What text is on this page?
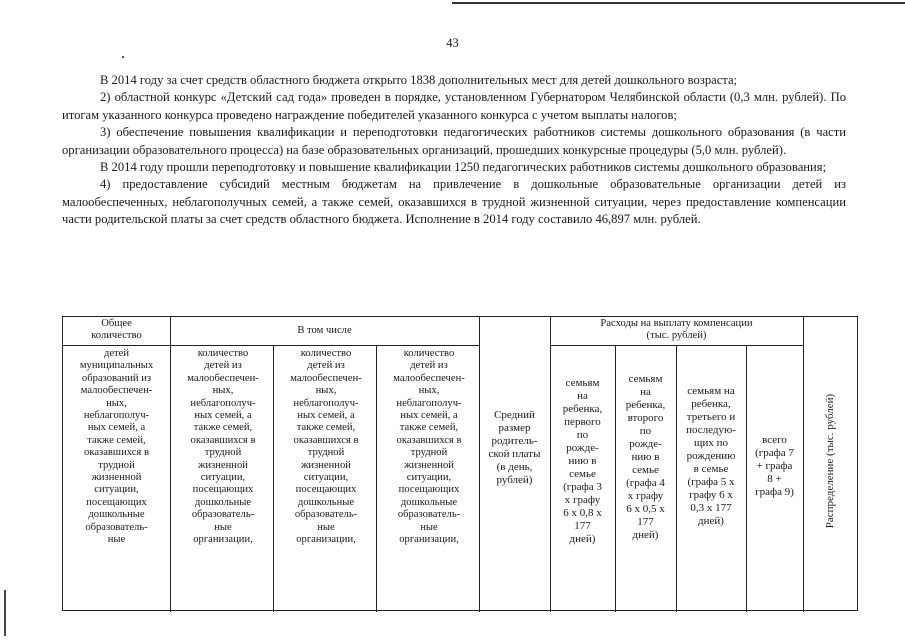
43

В 2014 году за счет средств областного бюджета открыто 1838 дополнительных мест для детей дошкольного возраста;

2) областной конкурс «Детский сад года» проведен в порядке, установленном Губернатором Челябинской области (0,3 млн. рублей). По итогам указанного конкурса проведено награждение победителей указанного конкурса с учетом выплаты налогов;

3) обеспечение повышения квалификации и переподготовки педагогических работников системы дошкольного образования (в части организации образовательного процесса) на базе образовательных организаций, прошедших конкурсные процедуры (5,0 млн. рублей).

В 2014 году прошли переподготовку и повышение квалификации 1250 педагогических работников системы дошкольного образования;

4) предоставление субсидий местным бюджетам на привлечение в дошкольные образовательные организации детей из малообеспеченных, неблагополучных семей, а также семей, оказавшихся в трудной жизненной ситуации, через предоставление компенсации части родительской платы за счет средств областного бюджета. Исполнение в 2014 году составило 46,897 млн. рублей.

Общее
количество	В том числе
Расходы на выплату компенсации
(тыс. рублей)
детей
муниципальных
образований из
малообеспечен-
ных,
неблагополуч-
ных семей, а
также семей,
оказавшихся в
трудной
жизненной
ситуации,
посещающих
дошкольные
образователь-
ные
количество
детей из
малообеспечен-
ных,
неблагополуч-
ных семей, а
также семей,
оказавшихся в
трудной
жизненной
ситуации,
посещающих
дошкольные
образователь-
ные
организации,
количество
детей из
малообеспечен-
ных,
неблагополуч-
ных семей, а
также семей,
оказавшихся в
трудной
жизненной
ситуации,
посещающих
дошкольные
образователь-
ные
организации,
количество
детей из
малообеспечен-
ных,
неблагополуч-
ных семей, а
также семей,
оказавшихся в
трудной
жизненной
ситуации,
посещающих
дошкольные
образователь-
ные
организации,
Средний
размер
родитель-
ской платы
(в день,
рублей)
семьям
на
ребенка,
первого
по
рожде-
нию в
семье
(графа 3
х графу
6 х 0,8 х
177
дней)
семьям
на
ребенка,
второго
по
рожде-
нию в
семье
(графа 4
х графу
6 х 0,5 х
177
дней)
семьям на
ребенка,
третьего и
последую-
щих по
рождению
в семье
(графа 5 х
графу 6 х
0,3 х 177
дней)
всего
(графа 7
+ графа
8 +
графа 9)	Распределение (тыс. рублей)
